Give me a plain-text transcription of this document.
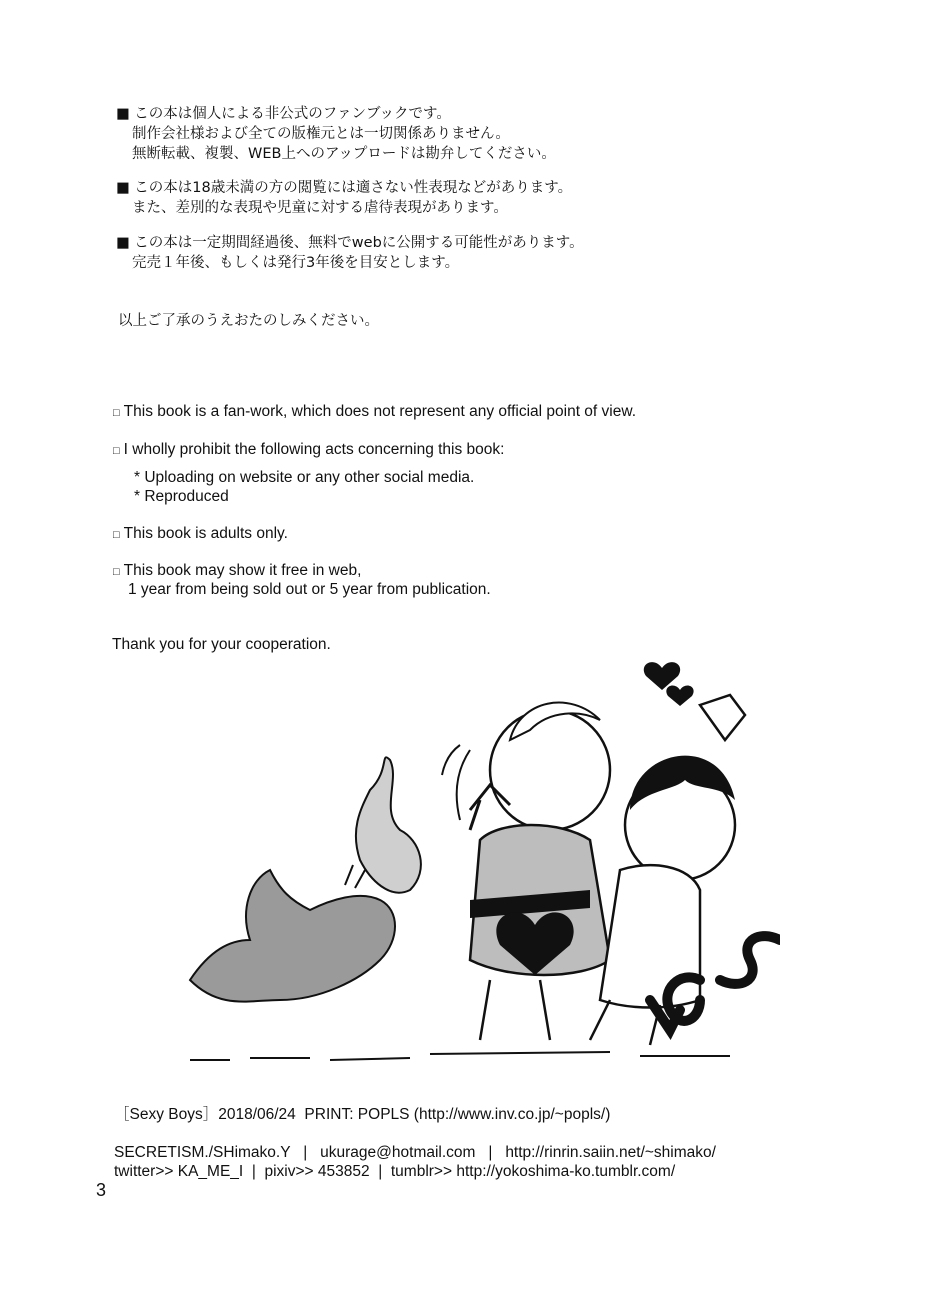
■ この本は個人による非公式のファンブックです。
制作会社様および全ての版権元とは一切関係ありません。
無断転載、複製、WEB上へのアップロードは勘弁してください。
■ この本は18歳未満の方の閲覧には適さない性表現などがあります。
また、差別的な表現や児童に対する虐待表現があります。
■ この本は一定期間経過後、無料でwebに公開する可能性があります。
完売１年後、もしくは発行3年後を目安とします。
以上ご了承のうえおたのしみください。
□ This book is a fan-work, which does not represent any official point of view.
□ I wholly prohibit the following acts concerning this book:
* Uploading on website or any other social media.
* Reproduced
□ This book is adults only.
□ This book may show it free in web,
1 year from being sold out or 5 year from publication.
Thank you for your cooperation.
［Sexy Boys］2018/06/24  PRINT: POPLS (http://www.inv.co.jp/~popls/)
SECRETISM./SHimako.Y   |   ukurage@hotmail.com   |   http://rinrin.saiin.net/~shimako/
twitter>> KA_ME_I  |  pixiv>> 453852  |  tumblr>> http://yokoshima-ko.tumblr.com/
3
